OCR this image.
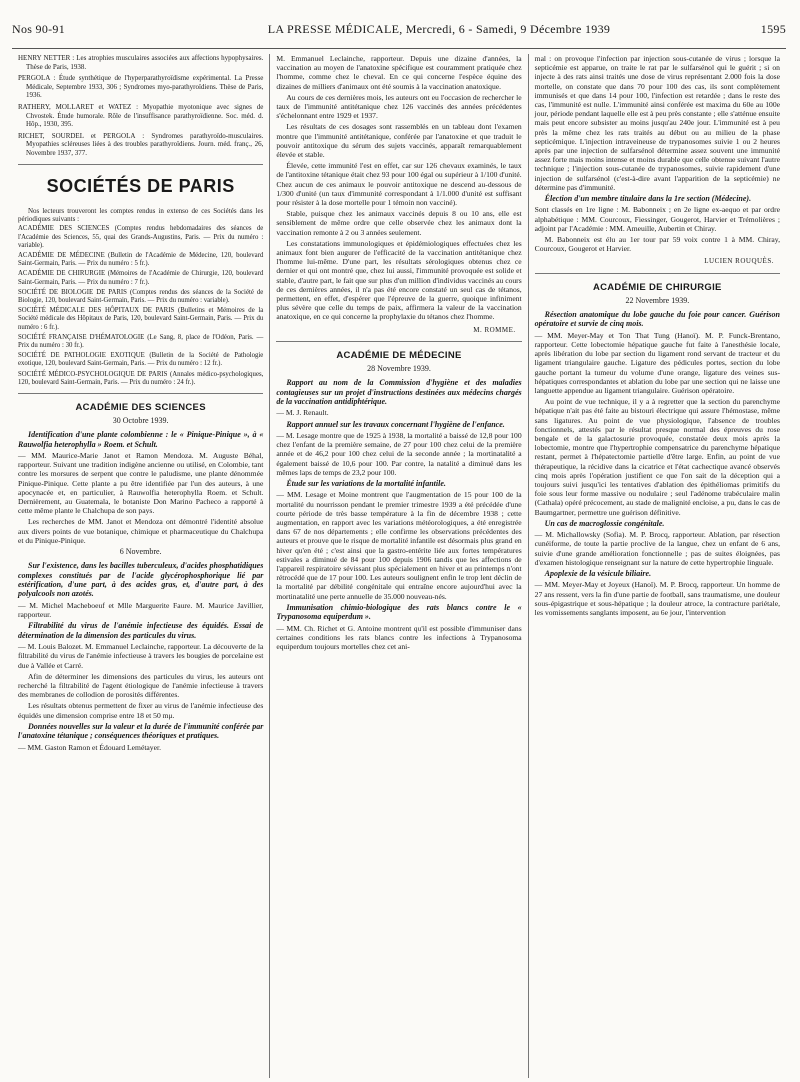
Nos 90-91	LA PRESSE MÉDICALE, Mercredi, 6 - Samedi, 9 Décembre 1939	1595

HENRY NETTER : Les atrophies musculaires associées aux affections hypophysaires. Thèse de Paris, 1938.

PERGOLA : Étude synthétique de l'hyperparathyroïdisme expérimental. La Presse Médicale, Septembre 1933, 306 ; Syndromes myo-parathyroïdiens. Thèse de Paris, 1936.

RATHERY, MOLLARET et WATEZ : Myopathie myotonique avec signes de Chvostek. Étude humorale. Rôle de l'insuffisance parathyroïdienne. Soc. méd. d. Hôp., 1930, 395.

RICHET, SOURDEL et PERGOLA : Syndromes parathyroïdo-musculaires. Myopathies scléreuses liées à des troubles parathyroïdiens. Journ. méd. franç., 26, Novembre 1937, 377.

SOCIÉTÉS DE PARIS

Nos lecteurs trouveront les comptes rendus in extenso de ces Sociétés dans les périodiques suivants :

ACADÉMIE DES SCIENCES (Comptes rendus hebdomadaires des séances de l'Académie des Sciences, 55, quai des Grands-Augustins, Paris. — Prix du numéro : variable).

ACADÉMIE DE MÉDECINE (Bulletin de l'Académie de Médecine, 120, boulevard Saint-Germain, Paris. — Prix du numéro : 5 fr.).

ACADÉMIE DE CHIRURGIE (Mémoires de l'Académie de Chirurgie, 120, boulevard Saint-Germain, Paris. — Prix du numéro : 7 fr.).

SOCIÉTÉ DE BIOLOGIE DE PARIS (Comptes rendus des séances de la Société de Biologie, 120, boulevard Saint-Germain, Paris. — Prix du numéro : variable).

SOCIÉTÉ MÉDICALE DES HÔPITAUX DE PARIS (Bulletins et Mémoires de la Société médicale des Hôpitaux de Paris, 120, boulevard Saint-Germain, Paris. — Prix du numéro : 6 fr.).

SOCIÉTÉ FRANÇAISE D'HÉMATOLOGIE (Le Sang, 8, place de l'Odéon, Paris. — Prix du numéro : 30 fr.).

SOCIÉTÉ DE PATHOLOGIE EXOTIQUE (Bulletin de la Société de Pathologie exotique, 120, boulevard Saint-Germain, Paris. — Prix du numéro : 12 fr.).

SOCIÉTÉ MÉDICO-PSYCHOLOGIQUE DE PARIS (Annales médico-psychologiques, 120, boulevard Saint-Germain, Paris. — Prix du numéro : 24 fr.).

ACADÉMIE DES SCIENCES
30 Octobre 1939.

Identification d'une plante colombienne : le « Pinique-Pinique », à « Rauwolfia heterophylla » Roem. et Schult.

— MM. Maurice-Marie Janot et Ramon Mendoza. M. Auguste Béhal, rapporteur. Suivant une tradition indigène ancienne ou utilisé, en Colombie, tant contre les morsures de serpent que contre le paludisme, une plante dénommée Pinique-Pinique. Cette plante a pu être identifiée par l'un des auteurs, à une apocynacée et, en particulier, à Rauwolfia heterophylla Roem. et Schult. Dernièrement, au Guatemala, le botaniste Don Marino Pacheco a rapporté à cette même plante le Chalchupa de son pays.

Les recherches de MM. Janot et Mendoza ont démontré l'identité absolue aux divers points de vue botanique, chimique et pharmaceutique du Chalchupa et du Pinique-Pinique.

6 Novembre.

Sur l'existence, dans les bacilles tuberculeux, d'acides phosphatidiques complexes constitués par de l'acide glycérophosphorique lié par estérification, d'une part, à des acides gras, et, d'autre part, à des polyalcools non azotés.

— M. Michel Macheboeuf et Mlle Marguerite Faure. M. Maurice Javillier, rapporteur.

Filtrabilité du virus de l'anémie infectieuse des équidés. Essai de détermination de la dimension des particules du virus.

— M. Louis Balozet. M. Emmanuel Leclainche, rapporteur. La découverte de la filtrabilité du virus de l'anémie infectieuse à travers les bougies de porcelaine est due à Vallée et Carré.

Afin de déterminer les dimensions des particules du virus, les auteurs ont recherché la filtrabilité de l'agent étiologique de l'anémie infectieuse à travers des membranes de collodion de porosités différentes.

Les résultats obtenus permettent de fixer au virus de l'anémie infectieuse des équidés une dimension comprise entre 18 et 50 mμ.

Données nouvelles sur la valeur et la durée de l'immunité conférée par l'anatoxine tétanique ; conséquences théoriques et pratiques.

— MM. Gaston Ramon et Édouard Lemétayer.

M. Emmanuel Leclainche, rapporteur. Depuis une dizaine d'années, la vaccination au moyen de l'anatoxine spécifique est couramment pratiquée chez l'homme, comme chez le cheval. En ce qui concerne l'espèce équine des dizaines de milliers d'animaux ont été soumis à la vaccination anatoxique.

Au cours de ces dernières mois, les auteurs ont eu l'occasion de rechercher le taux de l'immunité antitétanique chez 126 vaccinés des années précédentes s'échelonnant entre 1929 et 1937.

Les résultats de ces dosages sont rassemblés en un tableau dont l'examen montre que l'immunité antitétanique, conférée par l'anatoxine et que traduit le pouvoir antitoxique du sérum des sujets vaccinés, apparaît remarquablement élevée et stable.

Élevée, cette immunité l'est en effet, car sur 126 chevaux examinés, le taux de l'antitoxine tétanique était chez 93 pour 100 égal ou supérieur à 1/100 d'unité. Chez aucun de ces animaux le pouvoir antitoxique ne descend au-dessous de 1/300 d'unité (un taux d'immunité correspondant à 1/1.000 d'unité est suffisant pour résister à la dose mortelle pour 1 témoin non vacciné).

Stable, puisque chez les animaux vaccinés depuis 8 ou 10 ans, elle est sensiblement de même ordre que celle observée chez les animaux dont la vaccination remonte à 2 ou 3 années seulement.

Les constatations immunologiques et épidémiologiques effectuées chez les animaux font bien augurer de l'efficacité de la vaccination antitétanique chez l'homme lui-même. D'une part, les résultats sérologiques obtenus chez ce dernier et qui ont montré que, chez lui aussi, l'immunité provoquée est solide et stable, d'autre part, le fait que sur plus d'un million d'individus vaccinés au cours de ces dernières années, il n'a pas été encore constaté un seul cas de tétanos, permettent, en effet, d'espérer que l'épreuve de la guerre, quoique infiniment plus sévère que celle du temps de paix, affirmera la valeur de la vaccination anatoxique, en ce qui concerne la prophylaxie du tétanos chez l'homme.

M. ROMME.
ACADÉMIE DE MÉDECINE
28 Novembre 1939.

Rapport au nom de la Commission d'hygiène et des maladies contagieuses sur un projet d'instructions destinées aux médecins chargés de la vaccination antidiphtérique.

— M. J. Renault.

Rapport annuel sur les travaux concernant l'hygiène de l'enfance.

— M. Lesage montre que de 1925 à 1938, la mortalité a baissé de 12,8 pour 100 chez l'enfant de la première semaine, de 27 pour 100 chez celui de la première année et de 46,2 pour 100 chez celui de la seconde année ; la mortinatalité a également baissé de 10,6 pour 100. Par contre, la natalité a diminué dans les mêmes laps de temps de 23,2 pour 100.

Étude sur les variations de la mortalité infantile.

— MM. Lesage et Moine montrent que l'augmentation de 15 pour 100 de la mortalité du nourrisson pendant le premier trimestre 1939 a été précédée d'une courte période de très basse température à la fin de décembre 1938 ; cette augmentation, en rapport avec les variations météorologiques, a été enregistrée dans 67 de nos départements ; elle confirme les observations précédentes des auteurs et prouve que le risque de mortalité infantile est désormais plus grand en hiver qu'en été ; c'est ainsi que la gastro-entérite liée aux fortes températures estivales a diminué de 84 pour 100 depuis 1906 tandis que les affections de l'appareil respiratoire sévissant plus spécialement en hiver et au printemps n'ont rétrocédé que de 17 pour 100. Les auteurs soulignent enfin le trop lent déclin de la mortalité par débilité congénitale qui entraîne encore aujourd'hui avec la mortinatalité une perte annuelle de 35.000 nouveau-nés.

Immunisation chimio-biologique des rats blancs contre le « Trypanosoma equiperdum ».

— MM. Ch. Richet et G. Antoine montrent qu'il est possible d'immuniser dans certaines conditions les rats blancs contre les infections à Trypanosoma equiperdum toujours mortelles chez cet ani-

mal : on provoque l'infection par injection sous-cutanée de virus ; lorsque la septicémie est apparue, on traite le rat par le sulfarsénol qui le guérit ; si on injecte à des rats ainsi traités une dose de virus représentant 2.000 fois la dose mortelle, on constate que dans 70 pour 100 des cas, ils sont complètement immunisés et que dans 14 pour 100, l'infection est retardée ; dans le reste des cas, l'immunité est nulle. L'immunité ainsi conférée est maxima du 60e au 100e jour, période pendant laquelle elle est à peu près constante ; elle s'atténue ensuite mais peut encore subsister au moins jusqu'au 240e jour. L'immunité est à peu près la même chez les rats traités au début ou au milieu de la phase septicémique. L'injection intraveineuse de trypanosomes suivie 1 ou 2 heures après par une injection de sulfarsénol détermine assez souvent une immunité assez forte mais moins intense et moins durable que celle obtenue suivant l'autre technique ; l'injection sous-cutanée de trypanosomes, suivie rapidement d'une injection de sulfarsénol (c'est-à-dire avant l'apparition de la septicémie) ne détermine pas d'immunité.

Élection d'un membre titulaire dans la 1re section (Médecine).

Sont classés en 1re ligne : M. Babonneix ; en 2e ligne ex-aequo et par ordre alphabétique : MM. Courcoux, Fiessinger, Gougerot, Harvier et Trémolières ; adjoint par l'Académie : MM. Ameuille, Aubertin et Chiray.

M. Babonneix est élu au 1er tour par 59 voix contre 1 à MM. Chiray, Courcoux, Gougerot et Harvier.

LUCIEN ROUQUÈS.
ACADÉMIE DE CHIRURGIE
22 Novembre 1939.

Résection anatomique du lobe gauche du foie pour cancer. Guérison opératoire et survie de cinq mois.

— MM. Meyer-May et Ton That Tung (Hanoï). M. P. Funck-Brentano, rapporteur. Cette lobectomie hépatique gauche fut faite à l'anesthésie locale, après libération du lobe par section du ligament rond servant de tracteur et du ligament triangulaire gauche. Ligature des pédicules portes, section du lobe gauche portant la tumeur du volume d'une orange, ligature des veines sus-hépatiques correspondantes et ablation du lobe par une section qui ne laisse une languette appendue au ligament triangulaire. Guérison opératoire.

Au point de vue technique, il y a à regretter que la section du parenchyme hépatique n'ait pas été faite au bistouri électrique qui assure l'hémostase, même sans ligatures. Au point de vue physiologique, l'absence de troubles fonctionnels, attestés par le résultat presque normal des épreuves du rose bengale et de la galactosurie provoquée, constatée deux mois après la lobectomie, montre que l'hypertrophie compensatrice du parenchyme hépatique restant, permet à l'hépatectomie partielle d'être large. Enfin, au point de vue thérapeutique, la récidive dans la cicatrice et l'état cachectique avancé observés cinq mois après l'opération justifient ce que l'on sait de la déception qui a toujours suivi jusqu'ici les tentatives d'ablation des épithéliomas primitifs du foie sous leur forme massive ou nodulaire ; seul l'adénome trabéculaire malin (Cathala) opéré précocement, au stade de malignité encloise, a pu, dans le cas de Baumgartner, permettre une guérison définitive.

Un cas de macroglossie congénitale.

— M. Michallowsky (Sofia). M. P. Brocq, rapporteur. Ablation, par résection cunéiforme, de toute la partie proclive de la langue, chez un enfant de 6 ans, suivie d'une grande amélioration fonctionnelle ; pas de suites éloignées, pas d'examen histologique renseignant sur la nature de cette hypertrophie linguale.

Apoplexie de la vésicule biliaire.

— MM. Meyer-May et Joyeux (Hanoï). M. P. Brocq, rapporteur. Un homme de 27 ans ressent, vers la fin d'une partie de football, sans traumatisme, une douleur sous-épigastrique et sous-hépatique ; la douleur atroce, la contracture pariétale, les vomissements sanglants imposent, au 6e jour, l'intervention
